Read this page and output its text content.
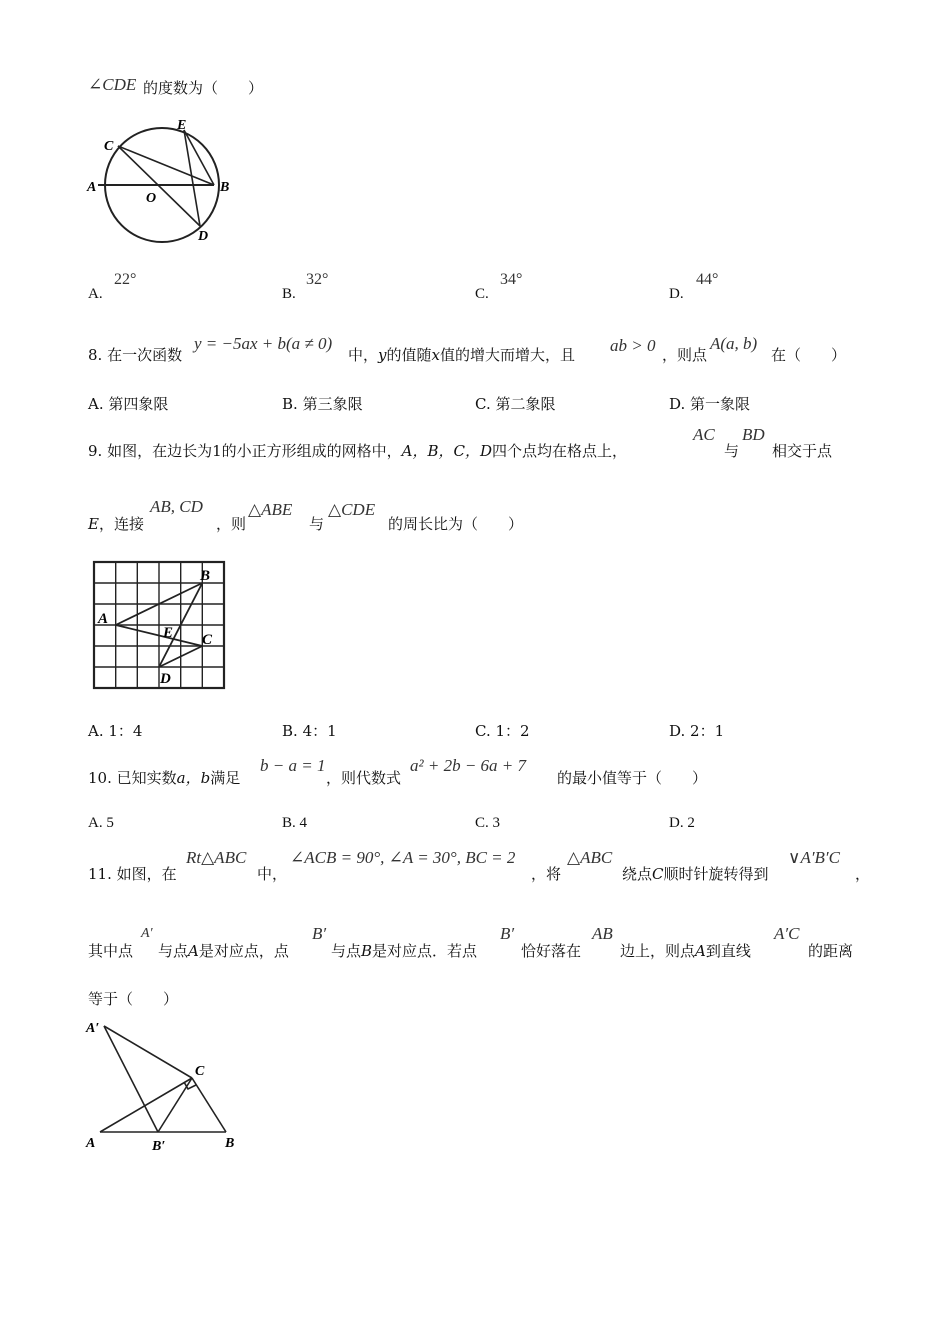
∠CDE 的度数为（　　）
C
E
A	B
O
D
A.
22°
B.
32°
C.
34°
D.
44°
8. 在一次函数
y = −5ax + b(a ≠ 0)
中，y的值随x值的增大而增大，且 ab > 0 ，则点
A(a, b)
在（　　）
A. 第四象限	B. 第三象限	C. 第二象限	D. 第一象限
9. 如图，在边长为1的小正方形组成的网格中，A，B，C，D四个点均在格点上，
AC
与
BD
相交于点
E，连接
AB, CD
，则
△ABE
与
△CDE
的周长比为（　　）
B
A
E C
D
A. 1：4	B. 4：1	C. 1：2	D. 2：1
10. 已知实数a，b满足
b − a = 1
，则代数式
a² + 2b − 6a + 7
的最小值等于（　　）
A. 5	B. 4	C. 3	D. 2
11. 如图，在
Rt△ABC
中，
∠ACB = 90°, ∠A = 30°, BC = 2
，将
△ABC
绕点C顺时针旋转得到
∨A′B′C
，
其中点
A′
与点A是对应点，点
B′
与点B是对应点．若点
B′
恰好落在
AB
边上，则点A到直线
A′C
的距离
等于（　　）
A′
C
A	B′	B
